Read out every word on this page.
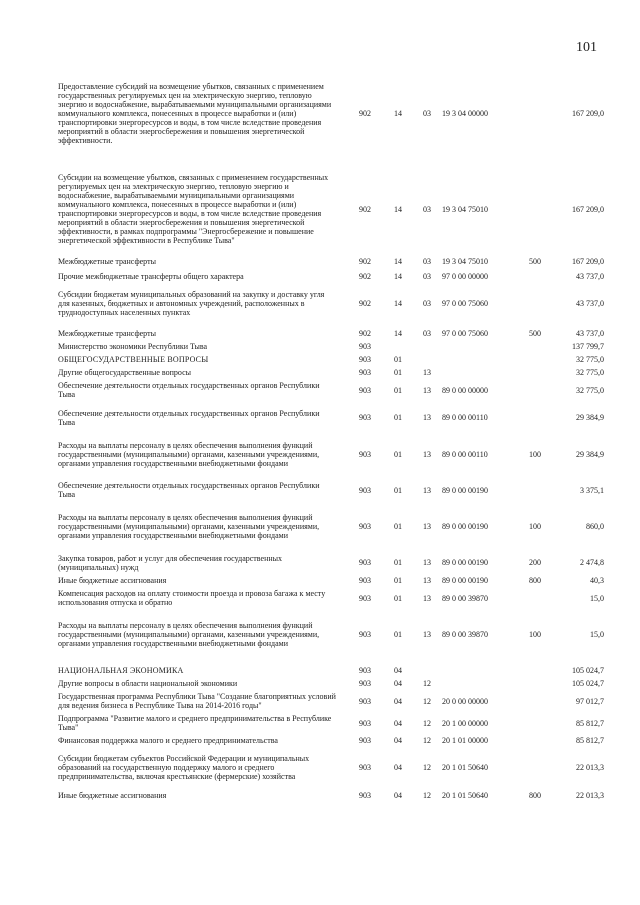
101
Предоставление субсидий на возмещение убытков, связанных с применением государственных регулируемых цен на электрическую энергию, тепловую энергию и водоснабжение, вырабатываемыми муниципальными организациями коммунального комплекса, понесенных в процессе выработки и (или) транспортировки энергоресурсов и воды, в том числе вследствие проведения мероприятий в области энергосбережения и повышения энергетической эффективности.	902	14	03	19 3 04 00000		167 209,0

Субсидии на возмещение убытков, связанных с применением государственных регулируемых цен на электрическую энергию, тепловую энергию и водоснабжение, вырабатываемыми муниципальными организациями коммунального комплекса, понесенных в процессе выработки и (или) транспортировки энергоресурсов и воды, в том числе вследствие проведения мероприятий в области энергосбережения и повышения энергетической эффективности, в рамках подпрограммы "Энергосбережение и повышение энергетической эффективности в Республике Тыва"	902	14	03	19 3 04 75010		167 209,0
Межбюджетные трансферты	902	14	03	19 3 04 75010	500	167 209,0

Прочие межбюджетные трансферты общего характера	902	14	03	97 0 00 00000		43 737,0
Субсидии бюджетам муниципальных образований на закупку и доставку угля для казенных, бюджетных и автономных учреждений, расположенных в труднодоступных населенных пунктах	902	14	03	97 0 00 75060		43 737,0

Межбюджетные трансферты	902	14	03	97 0 00 75060	500	43 737,0
Министерство экономики Республики Тыва	903					137 799,7
ОБЩЕГОСУДАРСТВЕННЫЕ ВОПРОСЫ	903	01				32 775,0
Другие общегосударственные вопросы	903	01	13			32 775,0
Обеспечение деятельности отдельных государственных органов Республики Тыва	903	01	13	89 0 00 00000		32 775,0

Обеспечение деятельности отдельных государственных органов Республики Тыва	903	01	13	89 0 00 00110		29 384,9

Расходы на выплаты персоналу в целях обеспечения выполнения функций государственными (муниципальными) органами, казенными учреждениями, органами управления государственными внебюджетными фондами	903	01	13	89 0 00 00110	100	29 384,9

Обеспечение деятельности отдельных государственных органов Республики Тыва	903	01	13	89 0 00 00190		3 375,1

Расходы на выплаты персоналу в целях обеспечения выполнения функций государственными (муниципальными) органами, казенными учреждениями, органами управления государственными внебюджетными фондами	903	01	13	89 0 00 00190	100	860,0

Закупка товаров, работ и услуг для обеспечения государственных (муниципальных) нужд	903	01	13	89 0 00 00190	200	2 474,8
Иные бюджетные ассигнования	903	01	13	89 0 00 00190	800	40,3
Компенсация расходов на оплату стоимости проезда и провоза багажа к месту использования отпуска и обратно	903	01	13	89 0 00 39870		15,0

Расходы на выплаты персоналу в целях обеспечения выполнения функций государственными (муниципальными) органами, казенными учреждениями, органами управления государственными внебюджетными фондами	903	01	13	89 0 00 39870	100	15,0

НАЦИОНАЛЬНАЯ ЭКОНОМИКА	903	04				105 024,7
Другие вопросы в области национальной экономики	903	04	12			105 024,7
Государственная программа Республики Тыва "Создание благоприятных условий для ведения бизнеса в Республике Тыва на 2014-2016 годы"	903	04	12	20 0 00 00000		97 012,7
Подпрограмма "Развитие малого и среднего предпринимательства в Республике Тыва"	903	04	12	20 1 00 00000		85 812,7
Финансовая поддержка малого и среднего предпринимательства	903	04	12	20 1 01 00000		85 812,7

Субсидии бюджетам субъектов Российской Федерации и муниципальных образований на государственную поддержку малого и среднего предпринимательства, включая крестьянские (фермерские) хозяйства	903	04	12	20 1 01 50640		22 013,3

Иные бюджетные ассигнования	903	04	12	20 1 01 50640	800	22 013,3
